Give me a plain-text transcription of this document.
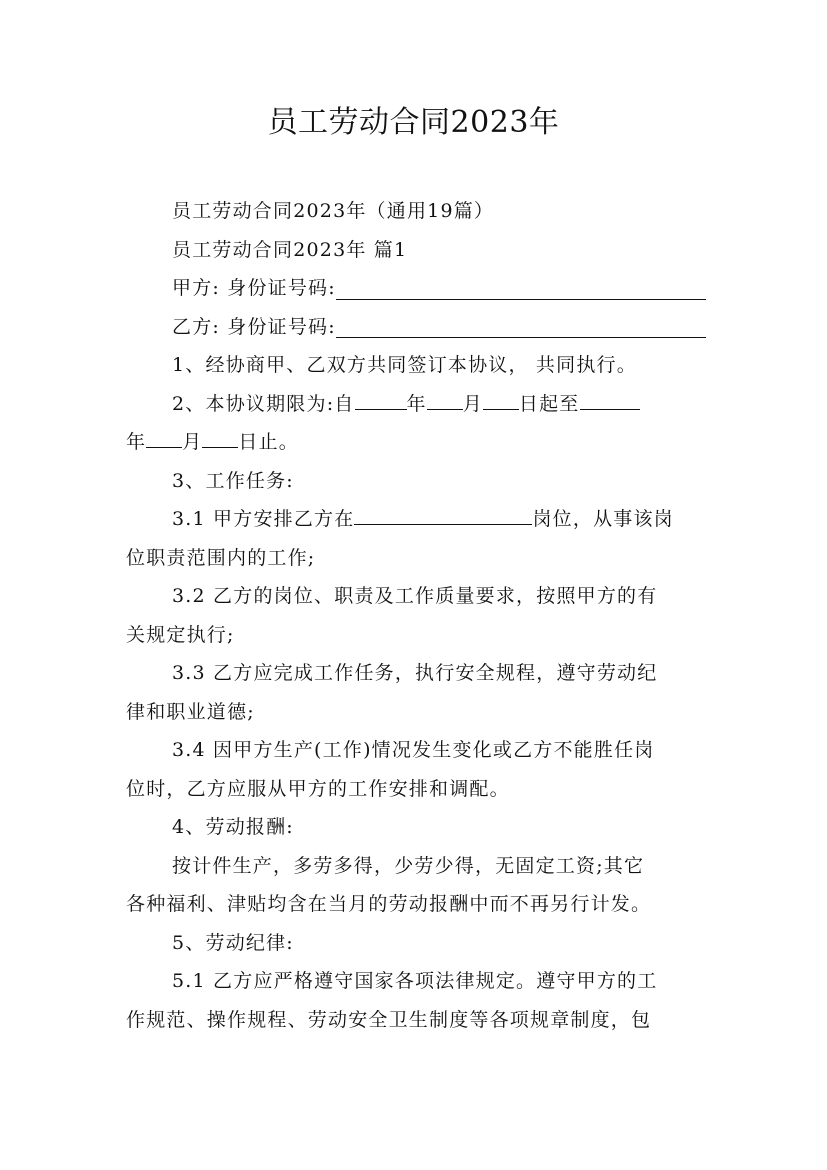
员工劳动合同2023年
员工劳动合同2023年（通用19篇）
员工劳动合同2023年 篇1
甲方: 身份证号码:
乙方: 身份证号码:
1、经协商甲、乙双方共同签订本协议， 共同执行。
2、本协议期限为:自	年 月 日起至
年 月 日止。
3、工作任务:
3.1 甲方安排乙方在	岗位，从事该岗
位职责范围内的工作;
3.2 乙方的岗位、职责及工作质量要求，按照甲方的有
关规定执行;
3.3 乙方应完成工作任务，执行安全规程，遵守劳动纪
律和职业道德;
3.4 因甲方生产(工作)情况发生变化或乙方不能胜任岗
位时，乙方应服从甲方的工作安排和调配。
4、劳动报酬:
按计件生产，多劳多得，少劳少得，无固定工资;其它
各种福利、津贴均含在当月的劳动报酬中而不再另行计发。
5、劳动纪律:
5.1 乙方应严格遵守国家各项法律规定。遵守甲方的工
作规范、操作规程、劳动安全卫生制度等各项规章制度，包
